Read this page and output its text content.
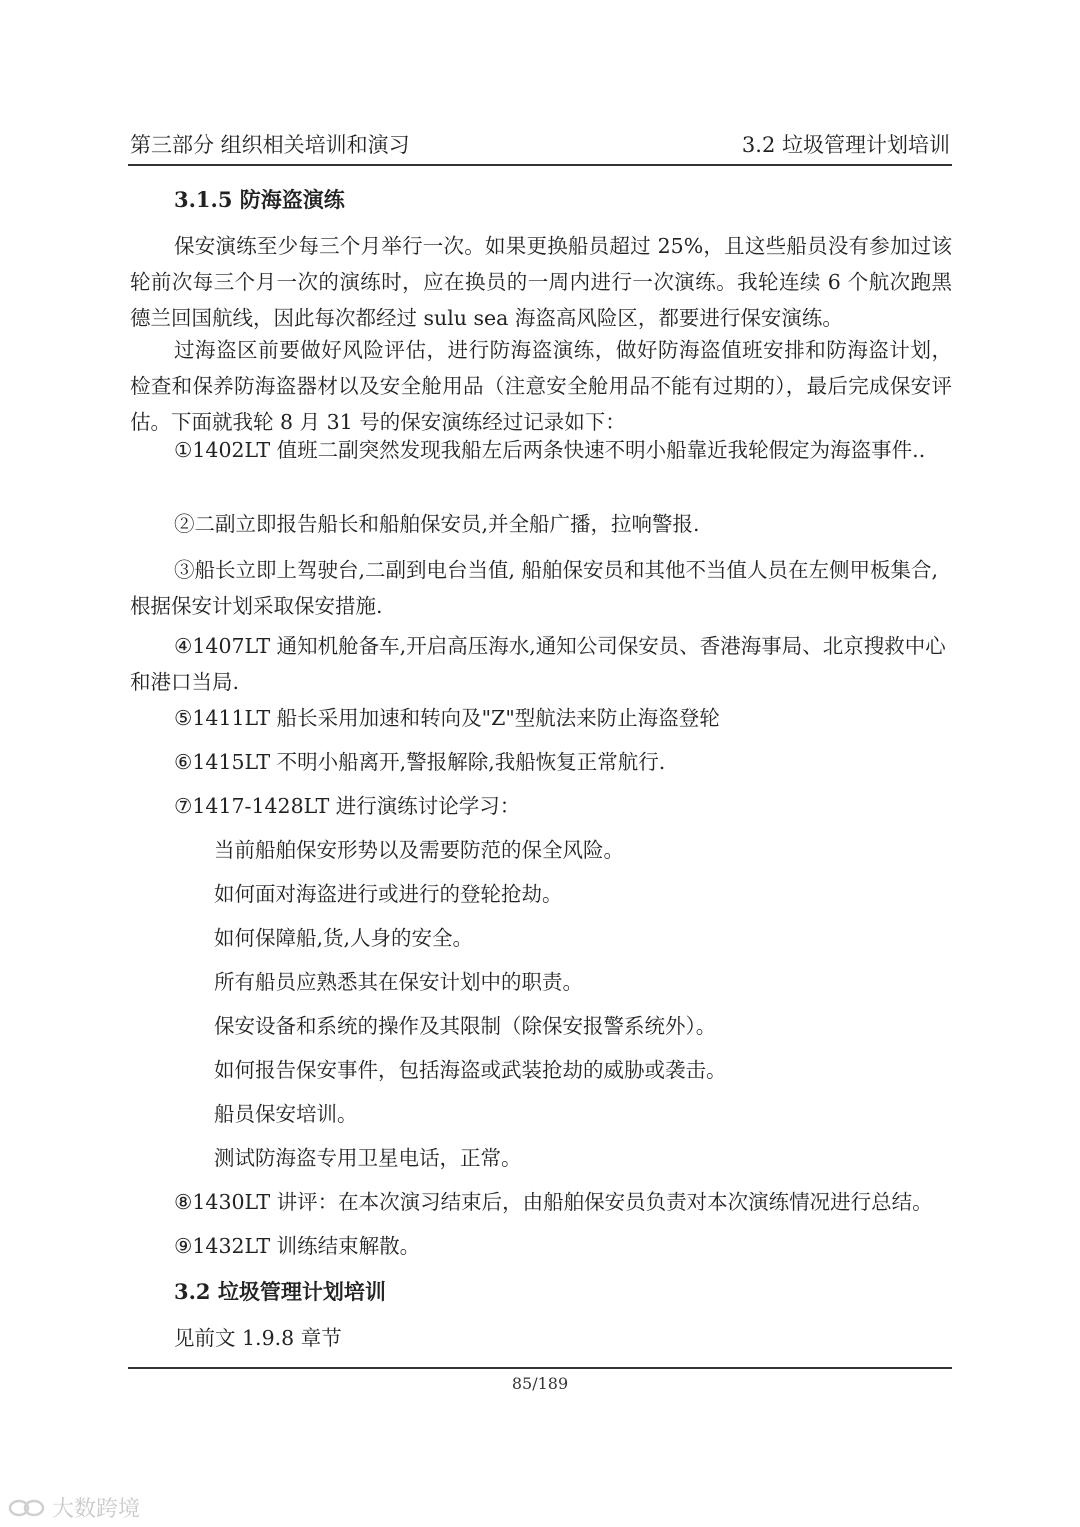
第三部分 组织相关培训和演习	3.2 垃圾管理计划培训
3.1.5 防海盗演练

保安演练至少每三个月举行一次。如果更换船员超过 25%，且这些船员没有参加过该轮前次每三个月一次的演练时，应在换员的一周内进行一次演练。我轮连续 6 个航次跑黑德兰回国航线，因此每次都经过 sulu sea 海盗高风险区，都要进行保安演练。

过海盗区前要做好风险评估，进行防海盗演练，做好防海盗值班安排和防海盗计划，检查和保养防海盗器材以及安全舱用品（注意安全舱用品不能有过期的），最后完成保安评估。下面就我轮 8 月 31 号的保安演练经过记录如下：

①1402LT 值班二副突然发现我船左后两条快速不明小船靠近我轮假定为海盗事件..

②二副立即报告船长和船舶保安员,并全船广播，拉响警报.

③船长立即上驾驶台,二副到电台当值, 船舶保安员和其他不当值人员在左侧甲板集合,根据保安计划采取保安措施.

④1407LT 通知机舱备车,开启高压海水,通知公司保安员、香港海事局、北京搜救中心和港口当局.

⑤1411LT 船长采用加速和转向及"Z"型航法来防止海盗登轮

⑥1415LT 不明小船离开,警报解除,我船恢复正常航行.

⑦1417-1428LT 进行演练讨论学习：

当前船舶保安形势以及需要防范的保全风险。

如何面对海盗进行或进行的登轮抢劫。

如何保障船,货,人身的安全。

所有船员应熟悉其在保安计划中的职责。

保安设备和系统的操作及其限制（除保安报警系统外）。

如何报告保安事件，包括海盗或武装抢劫的威胁或袭击。

船员保安培训。

测试防海盗专用卫星电话，正常。

⑧1430LT 讲评：在本次演习结束后，由船舶保安员负责对本次演练情况进行总结。

⑨1432LT 训练结束解散。

3.2 垃圾管理计划培训

见前文 1.9.8 章节

85/189
大数跨境
